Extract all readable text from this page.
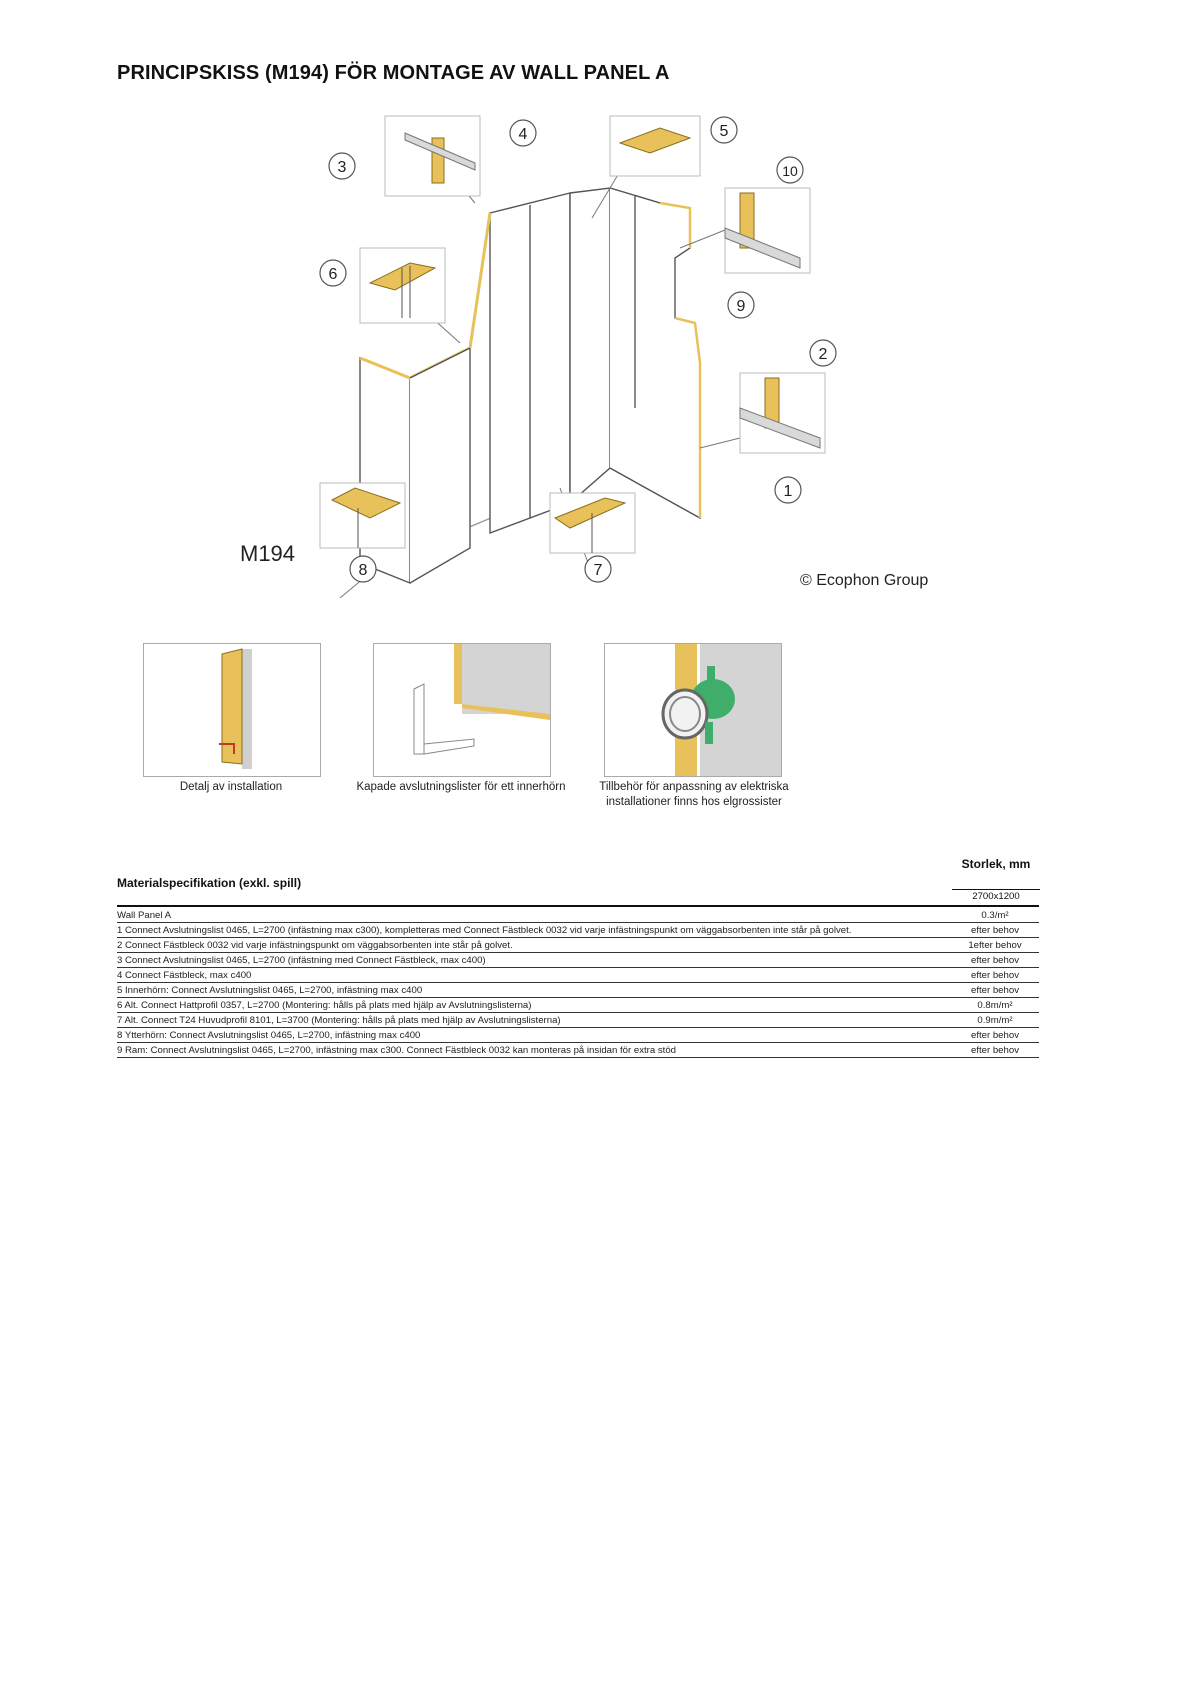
PRINCIPSKISS (M194) FÖR MONTAGE AV WALL PANEL A
3
4	5
10
6
9
2
1
8	7
M194
© Ecophon Group
Detalj av installation	Kapade avslutningslister för ett innerhörn	Tillbehör för anpassning av elektriska installationer finns hos elgrossister
Materialspecifikation (exkl. spill)
Storlek, mm
2700x1200
Wall Panel A	0.3/m²
1 Connect Avslutningslist 0465, L=2700 (infästning max c300), kompletteras med Connect Fästbleck 0032 vid varje infästningspunkt om väggabsorbenten inte står på golvet.	efter behov
2 Connect Fästbleck 0032 vid varje infästningspunkt om väggabsorbenten inte står på golvet.	1efter behov
3 Connect Avslutningslist 0465, L=2700 (infästning med Connect Fästbleck, max c400)	efter behov
4 Connect Fästbleck, max c400	efter behov
5 Innerhörn: Connect Avslutningslist 0465, L=2700, infästning max c400	efter behov
6 Alt. Connect Hattprofil 0357, L=2700 (Montering: hålls på plats med hjälp av Avslutningslisterna)	0.8m/m²
7 Alt. Connect T24 Huvudprofil 8101, L=3700 (Montering: hålls på plats med hjälp av Avslutningslisterna)	0.9m/m²
8 Ytterhörn: Connect Avslutningslist 0465, L=2700, infästning max c400	efter behov
9 Ram: Connect Avslutningslist 0465, L=2700, infästning max c300. Connect Fästbleck 0032 kan monteras på insidan för extra stöd	efter behov
